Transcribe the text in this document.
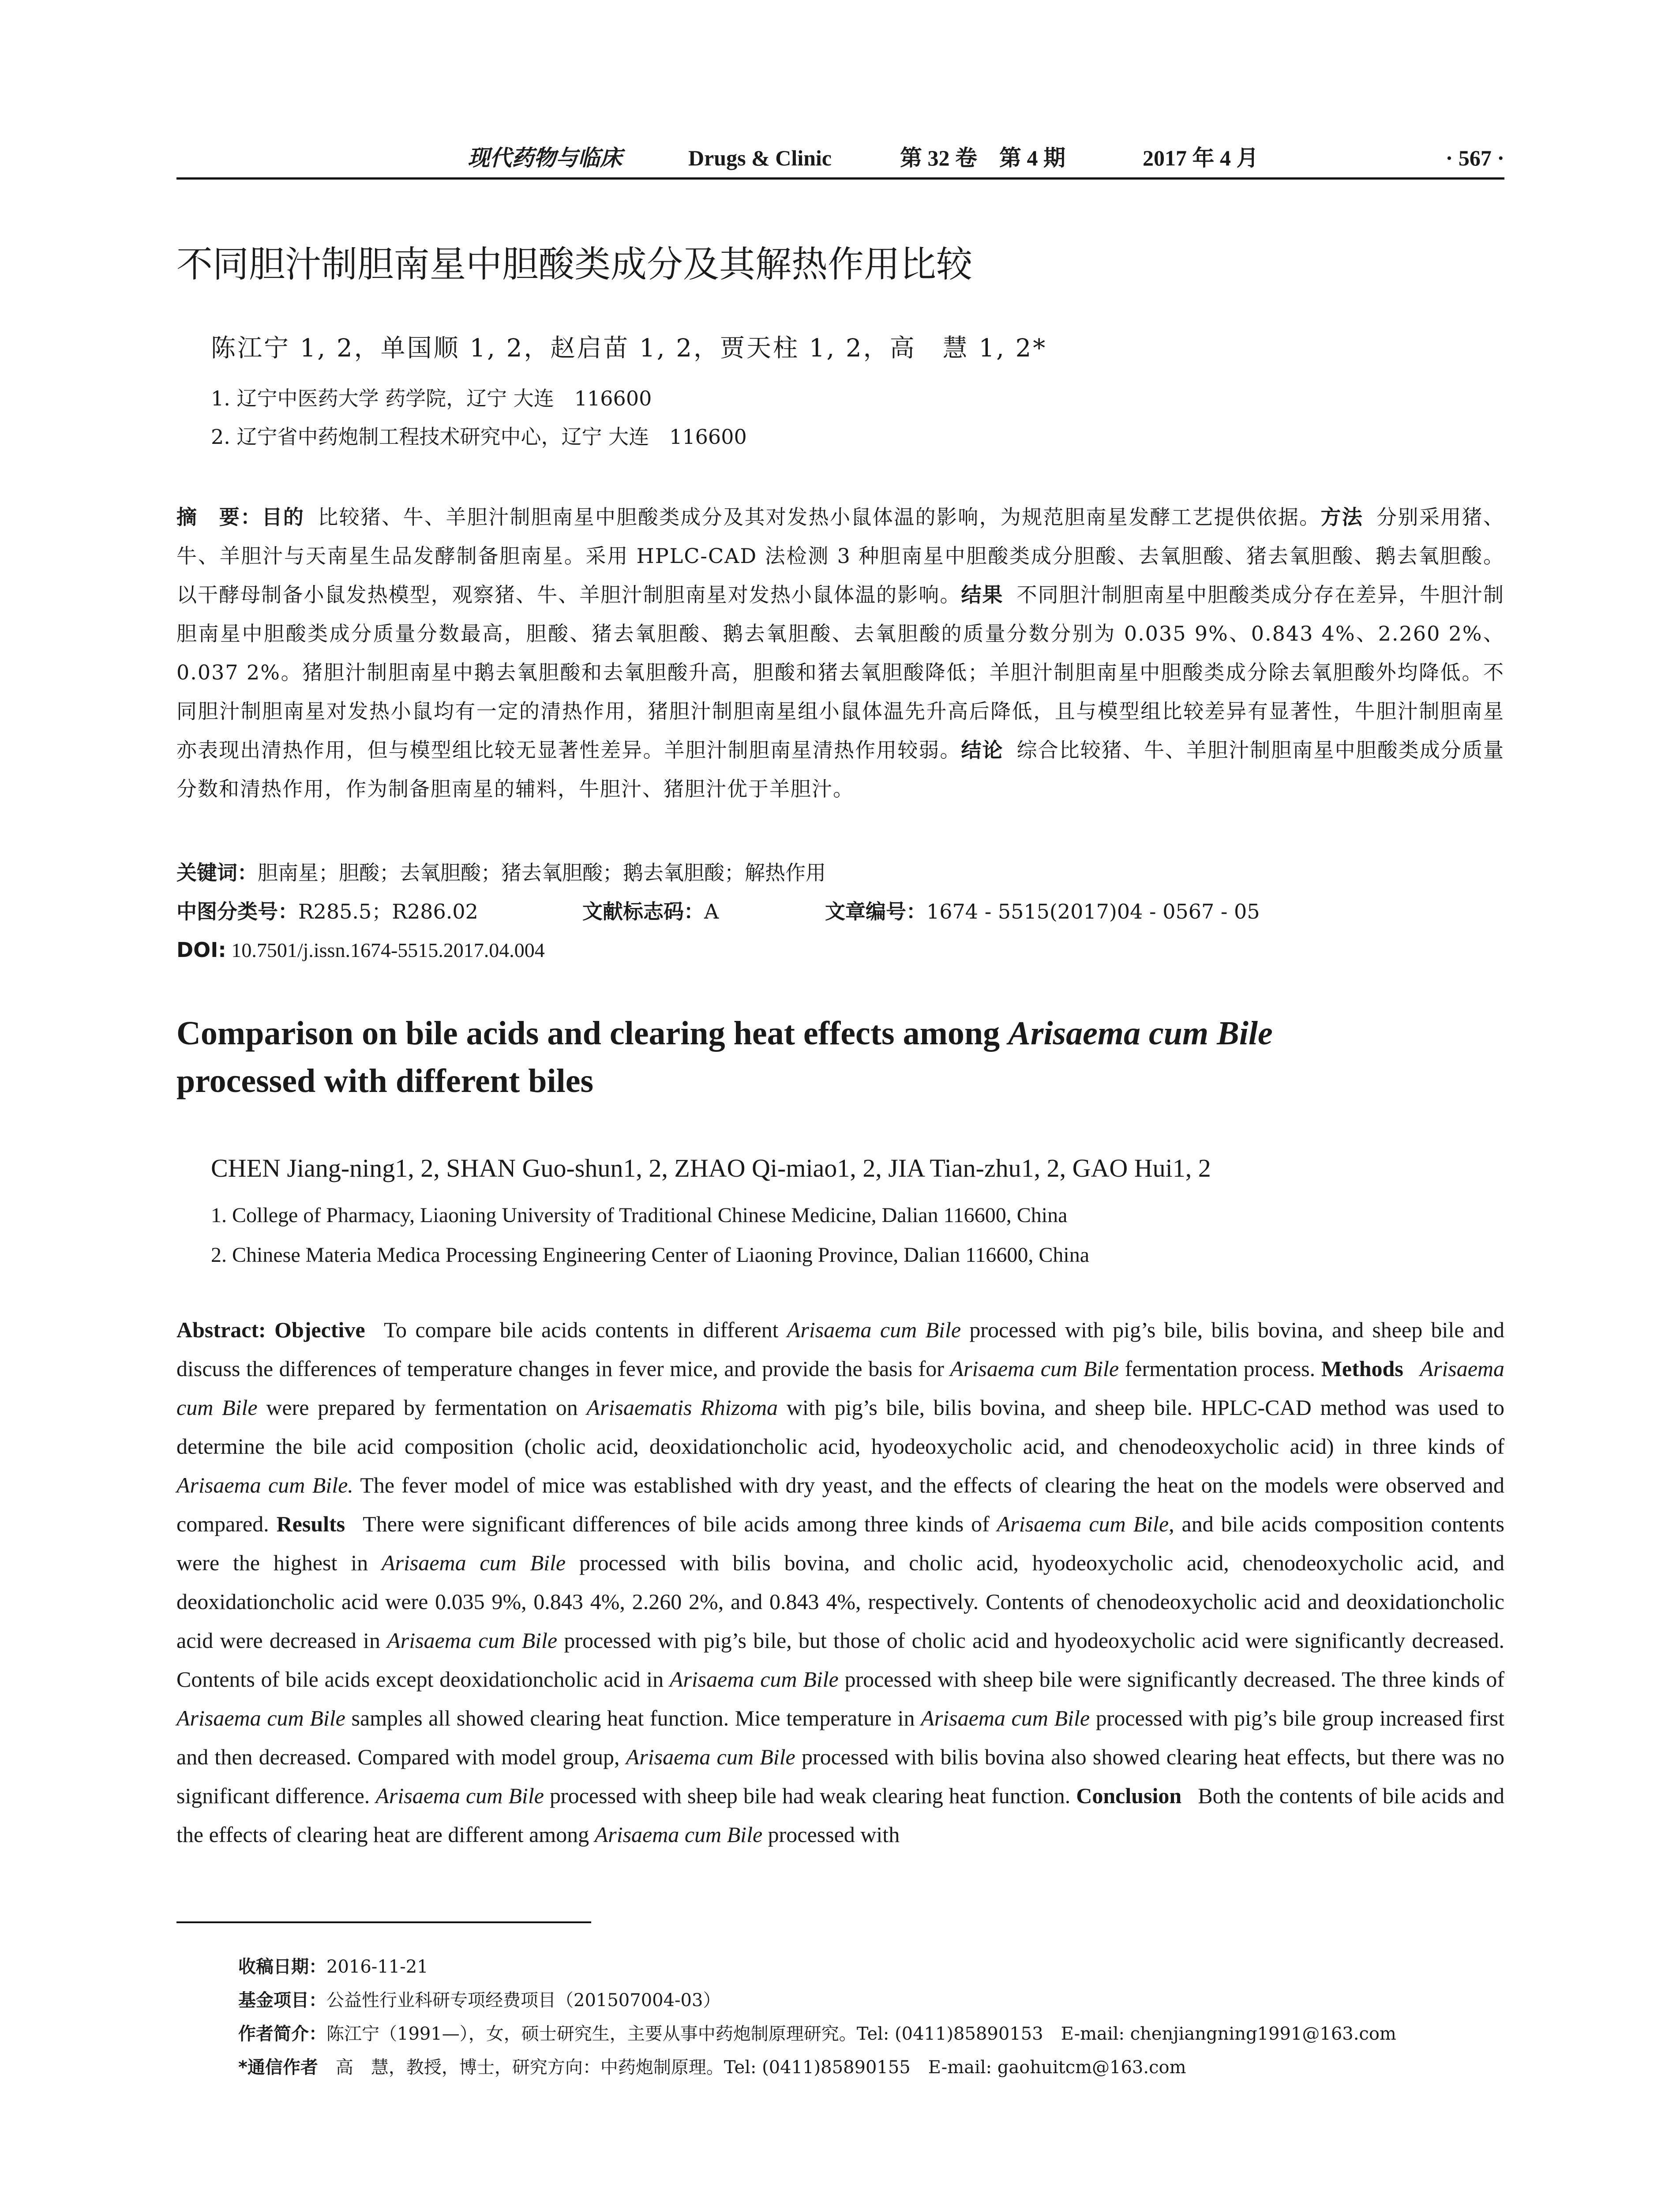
现代药物与临床	Drugs & Clinic	第 32 卷　第 4 期	2017 年 4 月	· 567 ·
不同胆汁制胆南星中胆酸类成分及其解热作用比较
陈江宁 1, 2，单国顺 1, 2，赵启苗 1, 2，贾天柱 1, 2，高　慧 1, 2*
1. 辽宁中医药大学 药学院，辽宁 大连　116600
2. 辽宁省中药炮制工程技术研究中心，辽宁 大连　116600
摘　要：目的 比较猪、牛、羊胆汁制胆南星中胆酸类成分及其对发热小鼠体温的影响，为规范胆南星发酵工艺提供依据。方法 分别采用猪、牛、羊胆汁与天南星生品发酵制备胆南星。采用 HPLC-CAD 法检测 3 种胆南星中胆酸类成分胆酸、去氧胆酸、猪去氧胆酸、鹅去氧胆酸。以干酵母制备小鼠发热模型，观察猪、牛、羊胆汁制胆南星对发热小鼠体温的影响。结果 不同胆汁制胆南星中胆酸类成分存在差异，牛胆汁制胆南星中胆酸类成分质量分数最高，胆酸、猪去氧胆酸、鹅去氧胆酸、去氧胆酸的质量分数分别为 0.035 9%、0.843 4%、2.260 2%、0.037 2%。猪胆汁制胆南星中鹅去氧胆酸和去氧胆酸升高，胆酸和猪去氧胆酸降低；羊胆汁制胆南星中胆酸类成分除去氧胆酸外均降低。不同胆汁制胆南星对发热小鼠均有一定的清热作用，猪胆汁制胆南星组小鼠体温先升高后降低，且与模型组比较差异有显著性，牛胆汁制胆南星亦表现出清热作用，但与模型组比较无显著性差异。羊胆汁制胆南星清热作用较弱。结论 综合比较猪、牛、羊胆汁制胆南星中胆酸类成分质量分数和清热作用，作为制备胆南星的辅料，牛胆汁、猪胆汁优于羊胆汁。
关键词：胆南星；胆酸；去氧胆酸；猪去氧胆酸；鹅去氧胆酸；解热作用
中图分类号：R285.5；R286.02	文献标志码：A	文章编号：1674 - 5515(2017)04 - 0567 - 05
DOI: 10.7501/j.issn.1674-5515.2017.04.004
Comparison on bile acids and clearing heat effects among Arisaema cum Bile
processed with different biles
CHEN Jiang-ning1, 2, SHAN Guo-shun1, 2, ZHAO Qi-miao1, 2, JIA Tian-zhu1, 2, GAO Hui1, 2
1. College of Pharmacy, Liaoning University of Traditional Chinese Medicine, Dalian 116600, China
2. Chinese Materia Medica Processing Engineering Center of Liaoning Province, Dalian 116600, China
Abstract: Objective To compare bile acids contents in different Arisaema cum Bile processed with pig’s bile, bilis bovina, and sheep bile and discuss the differences of temperature changes in fever mice, and provide the basis for Arisaema cum Bile fermentation process. Methods Arisaema cum Bile were prepared by fermentation on Arisaematis Rhizoma with pig’s bile, bilis bovina, and sheep bile. HPLC-CAD method was used to determine the bile acid composition (cholic acid, deoxidationcholic acid, hyodeoxycholic acid, and chenodeoxycholic acid) in three kinds of Arisaema cum Bile. The fever model of mice was established with dry yeast, and the effects of clearing the heat on the models were observed and compared. Results There were significant differences of bile acids among three kinds of Arisaema cum Bile, and bile acids composition contents were the highest in Arisaema cum Bile processed with bilis bovina, and cholic acid, hyodeoxycholic acid, chenodeoxycholic acid, and deoxidationcholic acid were 0.035 9%, 0.843 4%, 2.260 2%, and 0.843 4%, respectively. Contents of chenodeoxycholic acid and deoxidationcholic acid were decreased in Arisaema cum Bile processed with pig’s bile, but those of cholic acid and hyodeoxycholic acid were significantly decreased. Contents of bile acids except deoxidationcholic acid in Arisaema cum Bile processed with sheep bile were significantly decreased. The three kinds of Arisaema cum Bile samples all showed clearing heat function. Mice temperature in Arisaema cum Bile processed with pig’s bile group increased first and then decreased. Compared with model group, Arisaema cum Bile processed with bilis bovina also showed clearing heat effects, but there was no significant difference. Arisaema cum Bile processed with sheep bile had weak clearing heat function. Conclusion Both the contents of bile acids and the effects of clearing heat are different among Arisaema cum Bile processed with
收稿日期：2016-11-21
基金项目：公益性行业科研专项经费项目（201507004-03）
作者简介：陈江宁（1991—），女，硕士研究生，主要从事中药炮制原理研究。Tel: (0411)85890153　E-mail: chenjiangning1991@163.com
*通信作者　 高　慧，教授，博士，研究方向：中药炮制原理。Tel: (0411)85890155　E-mail: gaohuitcm@163.com
